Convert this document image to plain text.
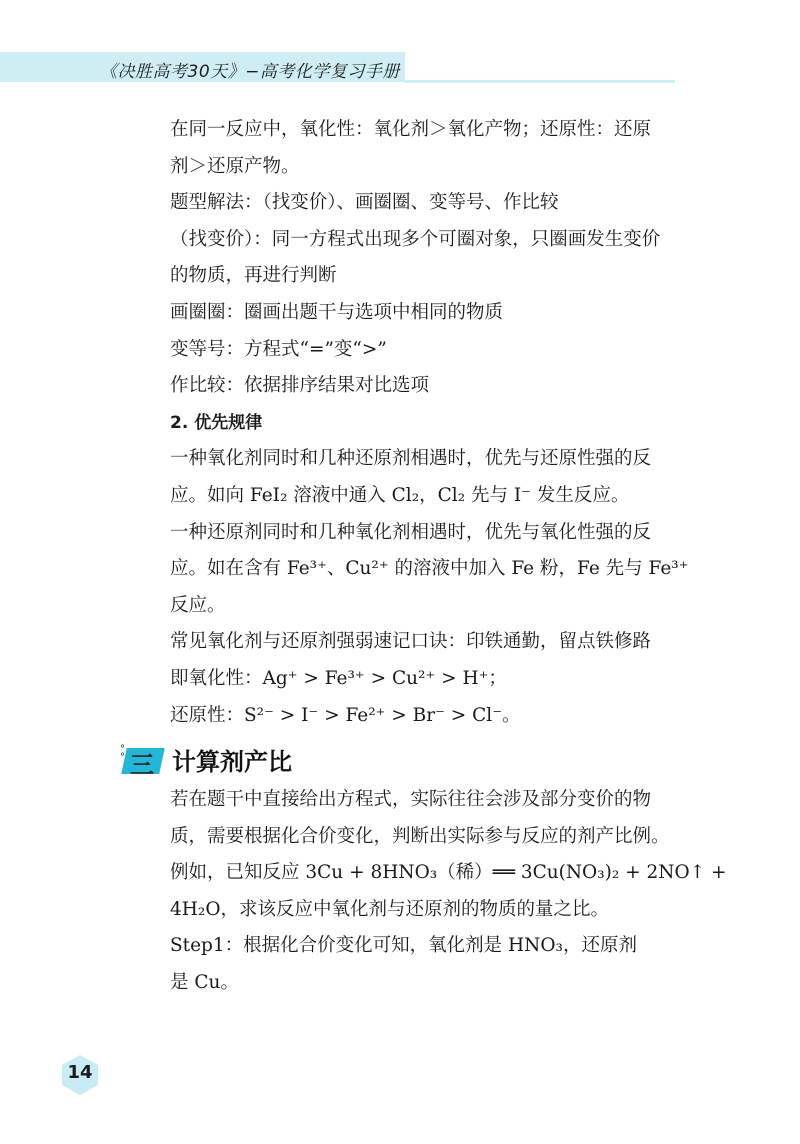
《决胜高考30天》−高考化学复习手册
在同一反应中，氧化性：氧化剂＞氧化产物；还原性：还原
剂＞还原产物。
题型解法：（找变价）、画圈圈、变等号、作比较
（找变价）：同一方程式出现多个可圈对象，只圈画发生变价
的物质，再进行判断
画圈圈：圈画出题干与选项中相同的物质
变等号：方程式“=”变“>”
作比较：依据排序结果对比选项
2. 优先规律
一种氧化剂同时和几种还原剂相遇时，优先与还原性强的反
应。如向 FeI₂ 溶液中通入 Cl₂，Cl₂ 先与 I⁻ 发生反应。
一种还原剂同时和几种氧化剂相遇时，优先与氧化性强的反
应。如在含有 Fe³⁺、Cu²⁺ 的溶液中加入 Fe 粉，Fe 先与 Fe³⁺
反应。
常见氧化剂与还原剂强弱速记口诀：印铁通勤，留点铁修路
即氧化性：Ag⁺ > Fe³⁺ > Cu²⁺ > H⁺；
还原性：S²⁻ > I⁻ > Fe²⁺ > Br⁻ > Cl⁻。
°
° 三 计算剂产比
若在题干中直接给出方程式，实际往往会涉及部分变价的物
质，需要根据化合价变化，判断出实际参与反应的剂产比例。
例如，已知反应 3Cu + 8HNO₃（稀）══ 3Cu(NO₃)₂ + 2NO↑ +
4H₂O，求该反应中氧化剂与还原剂的物质的量之比。
Step1：根据化合价变化可知，氧化剂是 HNO₃，还原剂
是 Cu。
14
